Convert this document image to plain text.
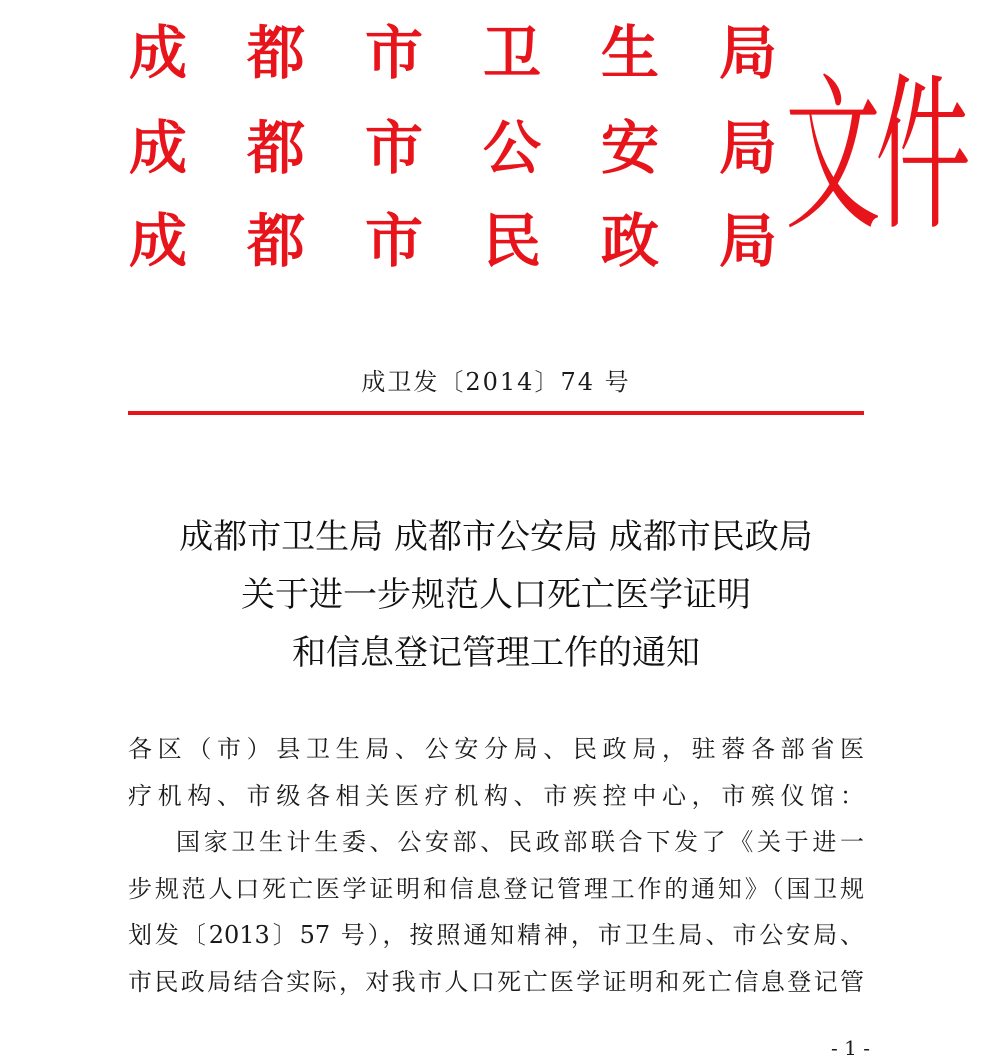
成 都 市 卫 生 局
成 都 市 公 安 局
成 都 市 民 政 局 文件
成卫发〔2014〕74 号
成都市卫生局 成都市公安局 成都市民政局
关于进一步规范人口死亡医学证明
和信息登记管理工作的通知

各区（市）县卫生局、公安分局、民政局，驻蓉各部省医
疗机构、市级各相关医疗机构、市疾控中心，市殡仪馆：

国家卫生计生委、公安部、民政部联合下发了《关于进一
步规范人口死亡医学证明和信息登记管理工作的通知》（国卫规
划发〔2013〕57 号），按照通知精神，市卫生局、市公安局、
市民政局结合实际，对我市人口死亡医学证明和死亡信息登记管

- 1 -
